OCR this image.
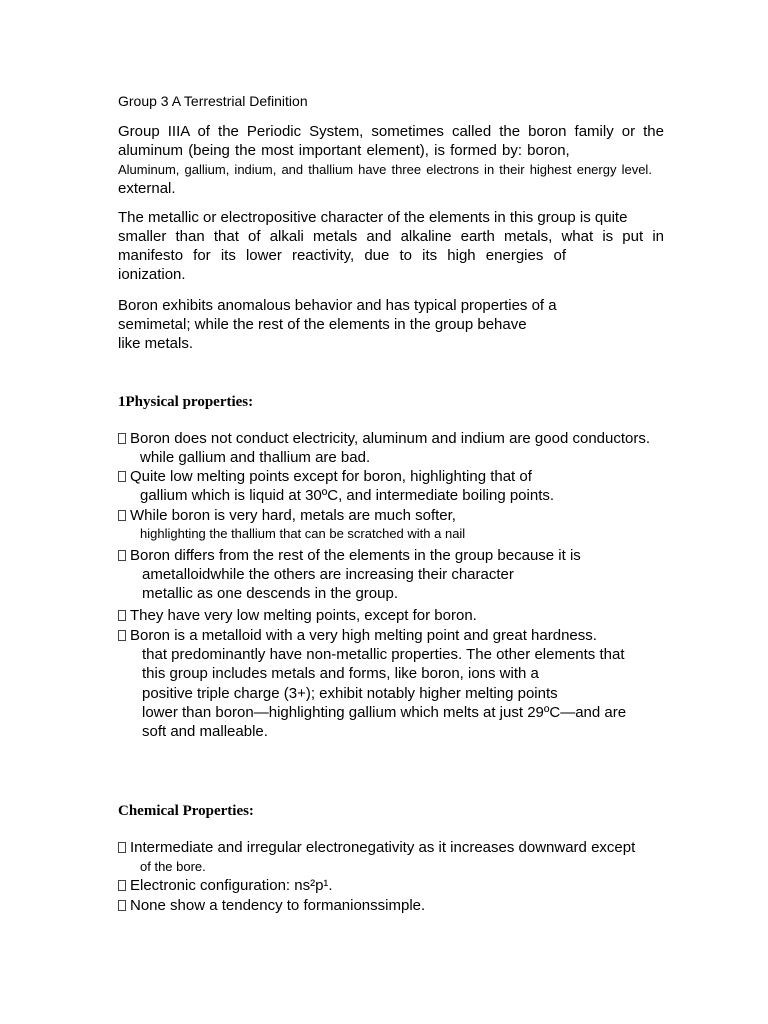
Group 3 A Terrestrial Definition
Group IIIA of the Periodic System, sometimes called the boron family or the
aluminum (being the most important element), is formed by: boron,
Aluminum, gallium, indium, and thallium have three electrons in their highest energy level.
external.
The metallic or electropositive character of the elements in this group is quite
smaller than that of alkali metals and alkaline earth metals, what is put in
manifesto for its lower reactivity, due to its high energies of
ionization.
Boron exhibits anomalous behavior and has typical properties of a
semimetal; while the rest of the elements in the group behave
like metals.
1Physical properties:
Boron does not conduct electricity, aluminum and indium are good conductors.
while gallium and thallium are bad.
Quite low melting points except for boron, highlighting that of
gallium which is liquid at 30ºC, and intermediate boiling points.
While boron is very hard, metals are much softer,
highlighting the thallium that can be scratched with a nail
Boron differs from the rest of the elements in the group because it is
ametalloidwhile the others are increasing their character
metallic as one descends in the group.
They have very low melting points, except for boron.
Boron is a metalloid with a very high melting point and great hardness.
that predominantly have non-metallic properties. The other elements that
this group includes metals and forms, like boron, ions with a
positive triple charge (3+); exhibit notably higher melting points
lower than boron—highlighting gallium which melts at just 29ºC—and are
soft and malleable.
Chemical Properties:
Intermediate and irregular electronegativity as it increases downward except
of the bore.
Electronic configuration: ns²p¹.
None show a tendency to formanionssimple.
